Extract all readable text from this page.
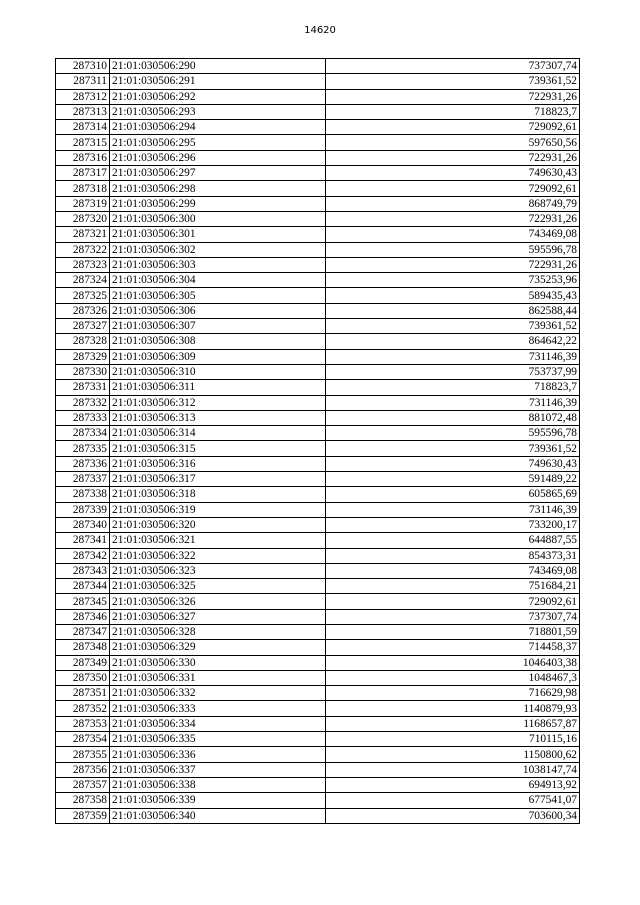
14620
287310	21:01:030506:290	737307,74
287311	21:01:030506:291	739361,52
287312	21:01:030506:292	722931,26
287313	21:01:030506:293	718823,7
287314	21:01:030506:294	729092,61
287315	21:01:030506:295	597650,56
287316	21:01:030506:296	722931,26
287317	21:01:030506:297	749630,43
287318	21:01:030506:298	729092,61
287319	21:01:030506:299	868749,79
287320	21:01:030506:300	722931,26
287321	21:01:030506:301	743469,08
287322	21:01:030506:302	595596,78
287323	21:01:030506:303	722931,26
287324	21:01:030506:304	735253,96
287325	21:01:030506:305	589435,43
287326	21:01:030506:306	862588,44
287327	21:01:030506:307	739361,52
287328	21:01:030506:308	864642,22
287329	21:01:030506:309	731146,39
287330	21:01:030506:310	753737,99
287331	21:01:030506:311	718823,7
287332	21:01:030506:312	731146,39
287333	21:01:030506:313	881072,48
287334	21:01:030506:314	595596,78
287335	21:01:030506:315	739361,52
287336	21:01:030506:316	749630,43
287337	21:01:030506:317	591489,22
287338	21:01:030506:318	605865,69
287339	21:01:030506:319	731146,39
287340	21:01:030506:320	733200,17
287341	21:01:030506:321	644887,55
287342	21:01:030506:322	854373,31
287343	21:01:030506:323	743469,08
287344	21:01:030506:325	751684,21
287345	21:01:030506:326	729092,61
287346	21:01:030506:327	737307,74
287347	21:01:030506:328	718801,59
287348	21:01:030506:329	714458,37
287349	21:01:030506:330	1046403,38
287350	21:01:030506:331	1048467,3
287351	21:01:030506:332	716629,98
287352	21:01:030506:333	1140879,93
287353	21:01:030506:334	1168657,87
287354	21:01:030506:335	710115,16
287355	21:01:030506:336	1150800,62
287356	21:01:030506:337	1038147,74
287357	21:01:030506:338	694913,92
287358	21:01:030506:339	677541,07
287359	21:01:030506:340	703600,34
